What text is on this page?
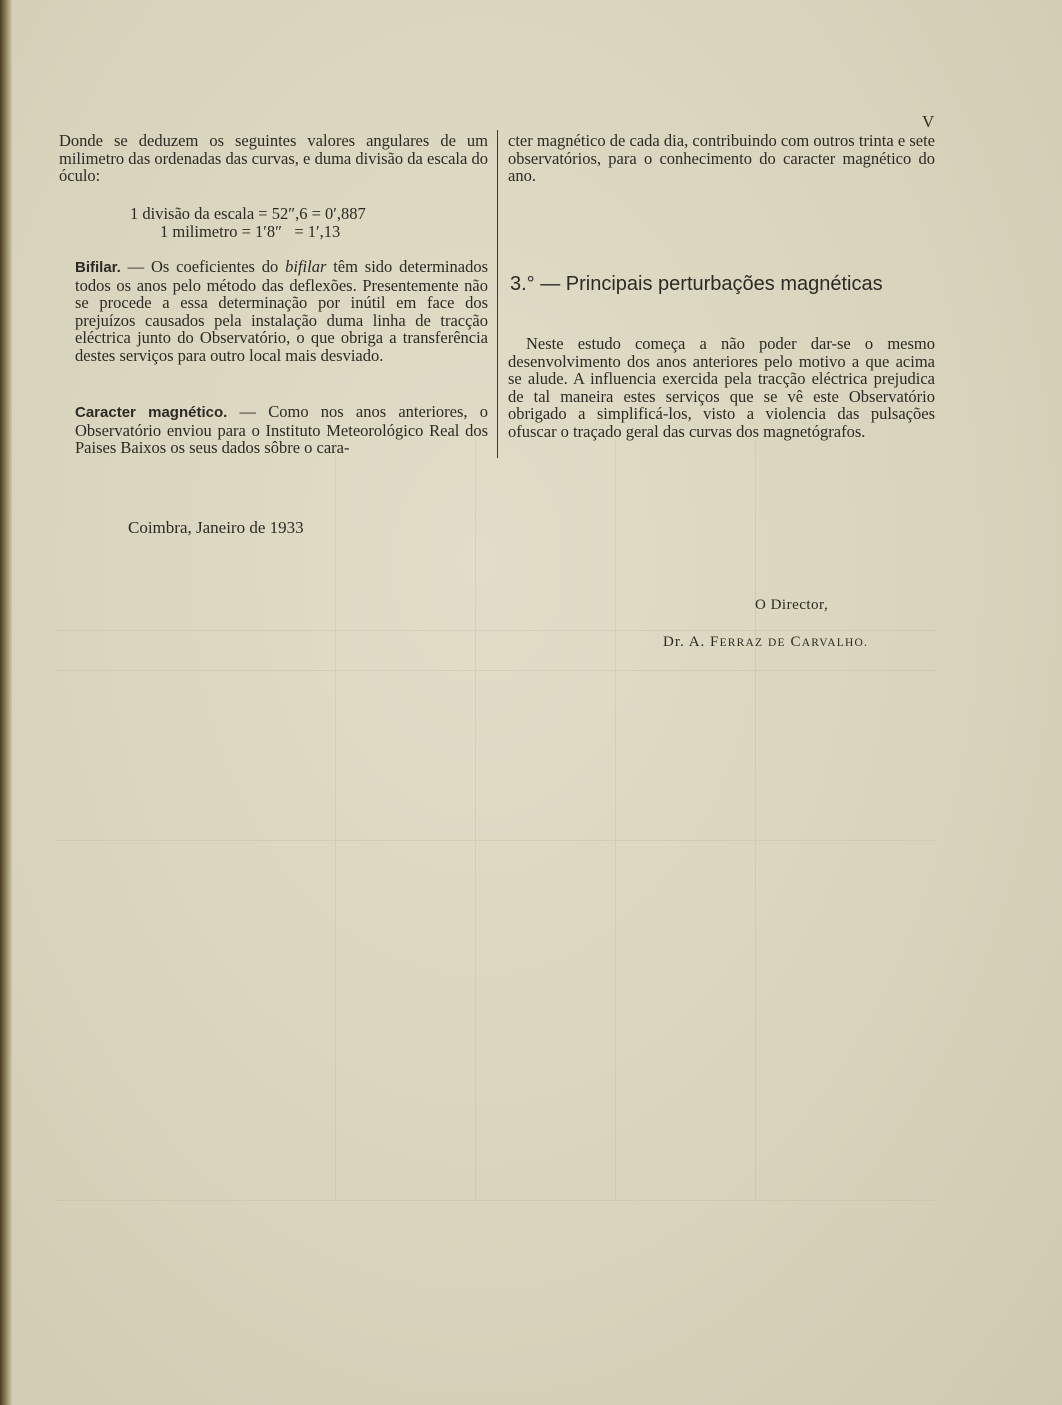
V

Donde se deduzem os seguintes valores angulares de um milimetro das ordenadas das curvas, e duma divisão da escala do óculo:

1 divisão da escala = 52″,6 = 0′,887
1 milimetro = 1′8″   = 1′,13
Bifilar. — Os coeficientes do bifilar têm sido determinados todos os anos pelo método das deflexões. Presentemente não se procede a essa determinação por inútil em face dos prejuízos causados pela instalação duma linha de tracção eléctrica junto do Observatório, o que obriga a transferência destes serviços para outro local mais desviado.
Caracter magnético. — Como nos anos anteriores, o Observatório enviou para o Instituto Meteorológico Real dos Paises Baixos os seus dados sôbre o cara-

cter magnético de cada dia, contribuindo com outros trinta e sete observatórios, para o conhecimento do caracter magnético do ano.

3.° — Principais perturbações magnéticas
Neste estudo começa a não poder dar-se o mesmo desenvolvimento dos anos anteriores pelo motivo a que acima se alude. A influencia exercida pela tracção eléctrica prejudica de tal maneira estes serviços que se vê este Observatório obrigado a simplificá-los, visto a violencia das pulsações ofuscar o traçado geral das curvas dos magnetógrafos.
Coimbra, Janeiro de 1933
O Director,
Dr. A. FERRAZ DE CARVALHO.
